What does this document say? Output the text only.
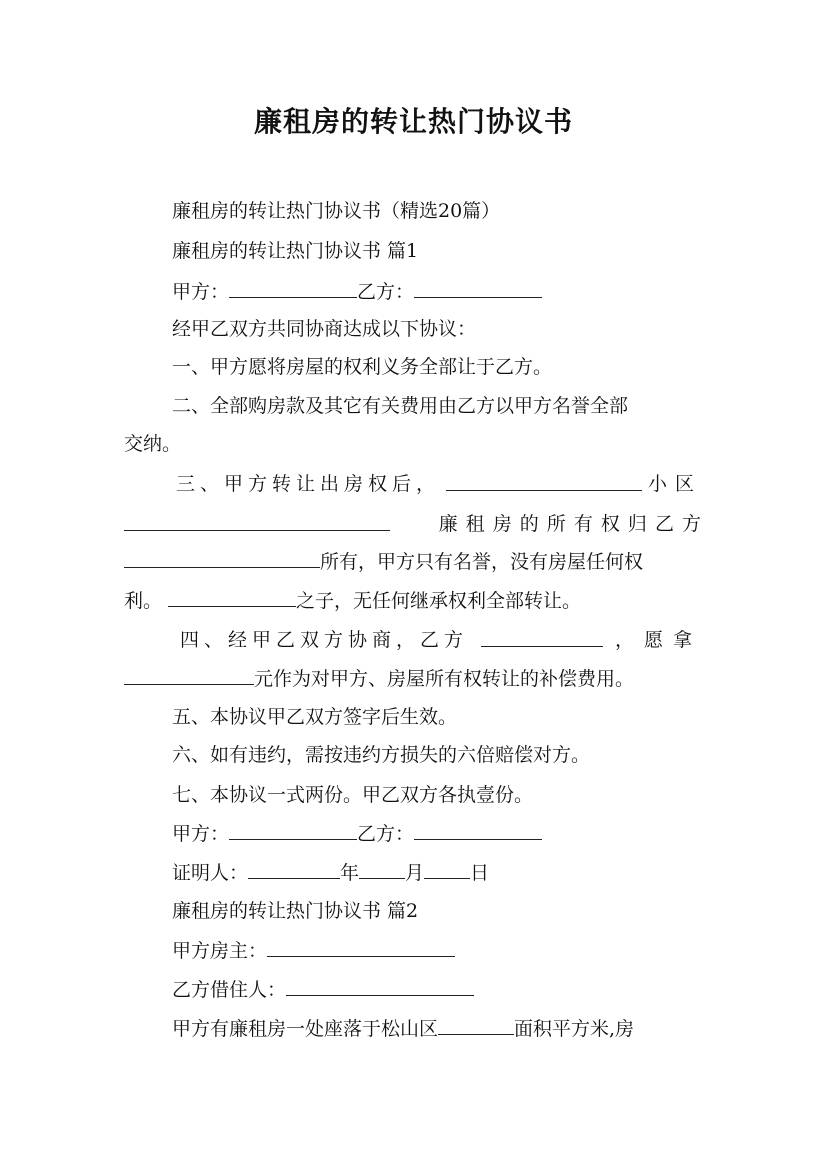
廉租房的转让热门协议书
廉租房的转让热门协议书（精选20篇）
廉租房的转让热门协议书 篇1
甲方：	乙方：
经甲乙双方共同协商达成以下协议：
一、甲方愿将房屋的权利义务全部让于乙方。
二、全部购房款及其它有关费用由乙方以甲方名誉全部
交纳。
三、甲方转让出房权后，	小区
廉 租 房 的 所 有 权 归 乙 方
所有，甲方只有名誉，没有房屋任何权
利。	之子，无任何继承权利全部转让。
四、经甲乙双方协商，乙方	，愿拿
元作为对甲方、房屋所有权转让的补偿费用。
五、本协议甲乙双方签字后生效。
六、如有违约，需按违约方损失的六倍赔偿对方。
七、本协议一式两份。甲乙双方各执壹份。
甲方：	乙方：
证明人：	年 月 日
廉租房的转让热门协议书 篇2
甲方房主：
乙方借住人：
甲方有廉租房一处座落于松山区	面积平方米,房
